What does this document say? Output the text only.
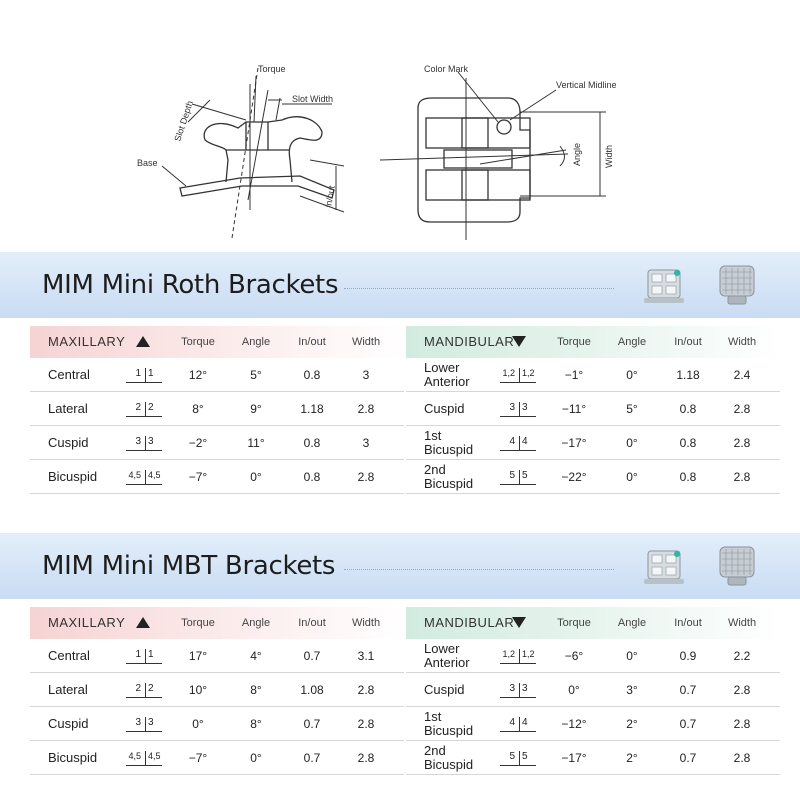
Torque
Slot Width
Slot Depth
Base
in/out
Color Mark
Vertical Midline
Angle Width
MIM Mini Roth Brackets
MAXILLARY	Torque	Angle	In/out	Width
Central	1 1	12°	5°	0.8	3
Lateral	2 2	8°	9°	1.18	2.8
Cuspid	3 3	−2°	11°	0.8	3
Bicuspid	4,5 4,5	−7°	0°	0.8	2.8
MANDIBULAR	Torque	Angle	In/out	Width
Lower
Anterior
1,2 1,2	−1°	0°	1.18	2.4
Cuspid	3 3	−11°	5°	0.8	2.8
1st
Bicuspid
4 4	−17°	0°	0.8	2.8
2nd
Bicuspid
5 5	−22°	0°	0.8	2.8
MIM Mini MBT Brackets
MAXILLARY	Torque	Angle	In/out	Width
Central	1 1	17°	4°	0.7	3.1
Lateral	2 2	10°	8°	1.08	2.8
Cuspid	3 3	0°	8°	0.7	2.8
Bicuspid	4,5 4,5	−7°	0°	0.7	2.8
MANDIBULAR	Torque	Angle	In/out	Width
Lower
Anterior
1,2 1,2	−6°	0°	0.9	2.2
Cuspid	3 3	0°	3°	0.7	2.8
1st
Bicuspid
4 4	−12°	2°	0.7	2.8
2nd
Bicuspid
5 5	−17°	2°	0.7	2.8
